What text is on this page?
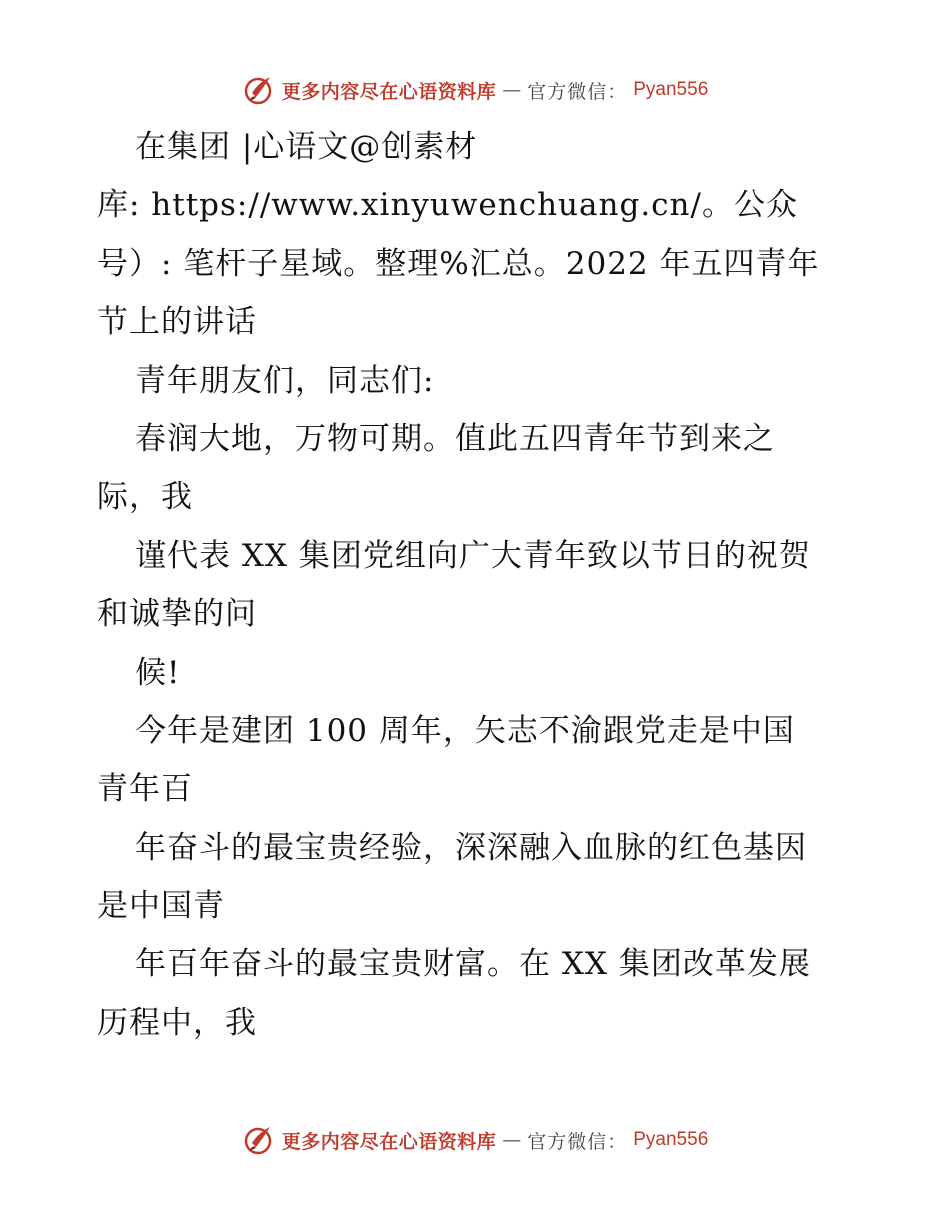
更多内容尽在心语资料库 — 官方微信： Pyan556
在集团 |心语文@创素材
库: https://www.xinyuwenchuang.cn/。公众
号）: 笔杆子星域。整理%汇总。2022 年五四青年
节上的讲话
青年朋友们，同志们:
春润大地，万物可期。值此五四青年节到来之
际，我
谨代表 XX 集团党组向广大青年致以节日的祝贺
和诚挚的问
候!
今年是建团 100 周年，矢志不渝跟党走是中国
青年百
年奋斗的最宝贵经验，深深融入血脉的红色基因
是中国青
年百年奋斗的最宝贵财富。在 XX 集团改革发展
历程中，我
更多内容尽在心语资料库 — 官方微信： Pyan556
